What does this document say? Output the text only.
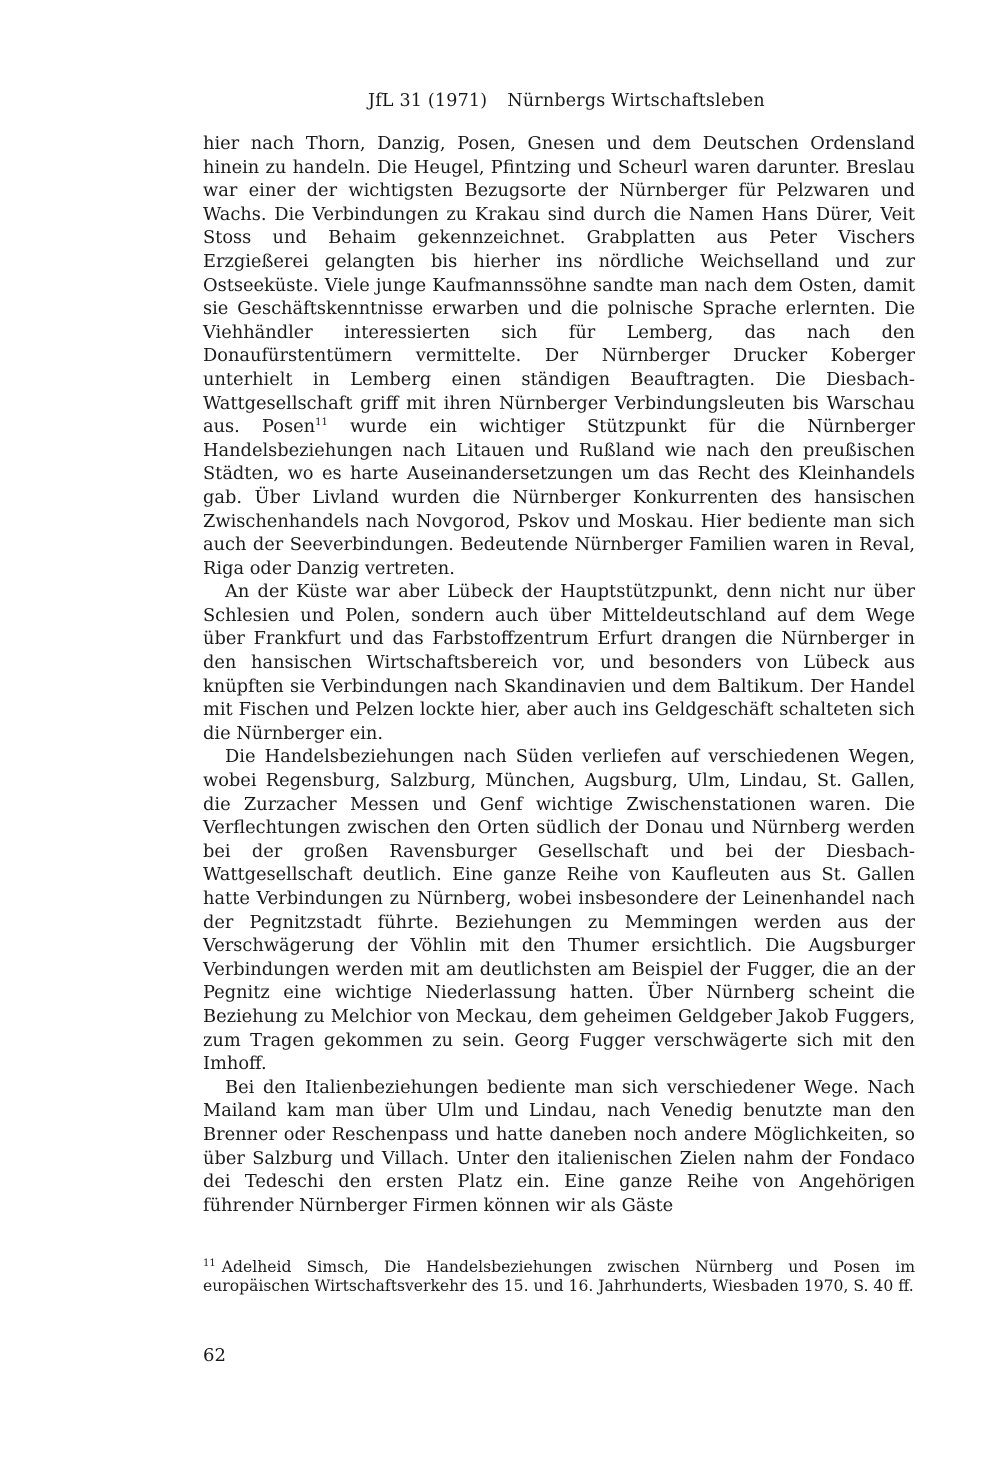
JfL 31 (1971) Nürnbergs Wirtschaftsleben

hier nach Thorn, Danzig, Posen, Gnesen und dem Deutschen Ordensland hinein zu handeln. Die Heugel, Pfintzing und Scheurl waren darunter. Breslau war einer der wichtigsten Bezugsorte der Nürnberger für Pelzwaren und Wachs. Die Verbindungen zu Krakau sind durch die Namen Hans Dürer, Veit Stoss und Behaim gekennzeichnet. Grabplatten aus Peter Vischers Erzgießerei gelangten bis hierher ins nördliche Weichselland und zur Ostseeküste. Viele junge Kaufmannssöhne sandte man nach dem Osten, damit sie Geschäftskenntnisse erwarben und die polnische Sprache erlernten. Die Viehhändler interessierten sich für Lemberg, das nach den Donaufürstentümern vermittelte. Der Nürnberger Drucker Koberger unterhielt in Lemberg einen ständigen Beauftragten. Die Diesbach-Wattgesellschaft griff mit ihren Nürnberger Verbindungsleuten bis Warschau aus. Posen$^{11}$ wurde ein wichtiger Stützpunkt für die Nürnberger Handelsbeziehungen nach Litauen und Rußland wie nach den preußischen Städten, wo es harte Auseinandersetzungen um das Recht des Kleinhandels gab. Über Livland wurden die Nürnberger Konkurrenten des hansischen Zwischenhandels nach Novgorod, Pskov und Moskau. Hier bediente man sich auch der Seeverbindungen. Bedeutende Nürnberger Familien waren in Reval, Riga oder Danzig vertreten.

An der Küste war aber Lübeck der Hauptstützpunkt, denn nicht nur über Schlesien und Polen, sondern auch über Mitteldeutschland auf dem Wege über Frankfurt und das Farbstoffzentrum Erfurt drangen die Nürnberger in den hansischen Wirtschaftsbereich vor, und besonders von Lübeck aus knüpften sie Verbindungen nach Skandinavien und dem Baltikum. Der Handel mit Fischen und Pelzen lockte hier, aber auch ins Geldgeschäft schalteten sich die Nürnberger ein.

Die Handelsbeziehungen nach Süden verliefen auf verschiedenen Wegen, wobei Regensburg, Salzburg, München, Augsburg, Ulm, Lindau, St. Gallen, die Zurzacher Messen und Genf wichtige Zwischenstationen waren. Die Verflechtungen zwischen den Orten südlich der Donau und Nürnberg werden bei der großen Ravensburger Gesellschaft und bei der Diesbach-Wattgesellschaft deutlich. Eine ganze Reihe von Kaufleuten aus St. Gallen hatte Verbindungen zu Nürnberg, wobei insbesondere der Leinenhandel nach der Pegnitzstadt führte. Beziehungen zu Memmingen werden aus der Verschwägerung der Vöhlin mit den Thumer ersichtlich. Die Augsburger Verbindungen werden mit am deutlichsten am Beispiel der Fugger, die an der Pegnitz eine wichtige Niederlassung hatten. Über Nürnberg scheint die Beziehung zu Melchior von Meckau, dem geheimen Geldgeber Jakob Fuggers, zum Tragen gekommen zu sein. Georg Fugger verschwägerte sich mit den Imhoff.

Bei den Italienbeziehungen bediente man sich verschiedener Wege. Nach Mailand kam man über Ulm und Lindau, nach Venedig benutzte man den Brenner oder Reschenpass und hatte daneben noch andere Möglichkeiten, so über Salzburg und Villach. Unter den italienischen Zielen nahm der Fondaco dei Tedeschi den ersten Platz ein. Eine ganze Reihe von Angehörigen führender Nürnberger Firmen können wir als Gäste

$^{11}$ Adelheid Simsch, Die Handelsbeziehungen zwischen Nürnberg und Posen im europäischen Wirtschaftsverkehr des 15. und 16. Jahrhunderts, Wiesbaden 1970, S. 40 ff.
62
